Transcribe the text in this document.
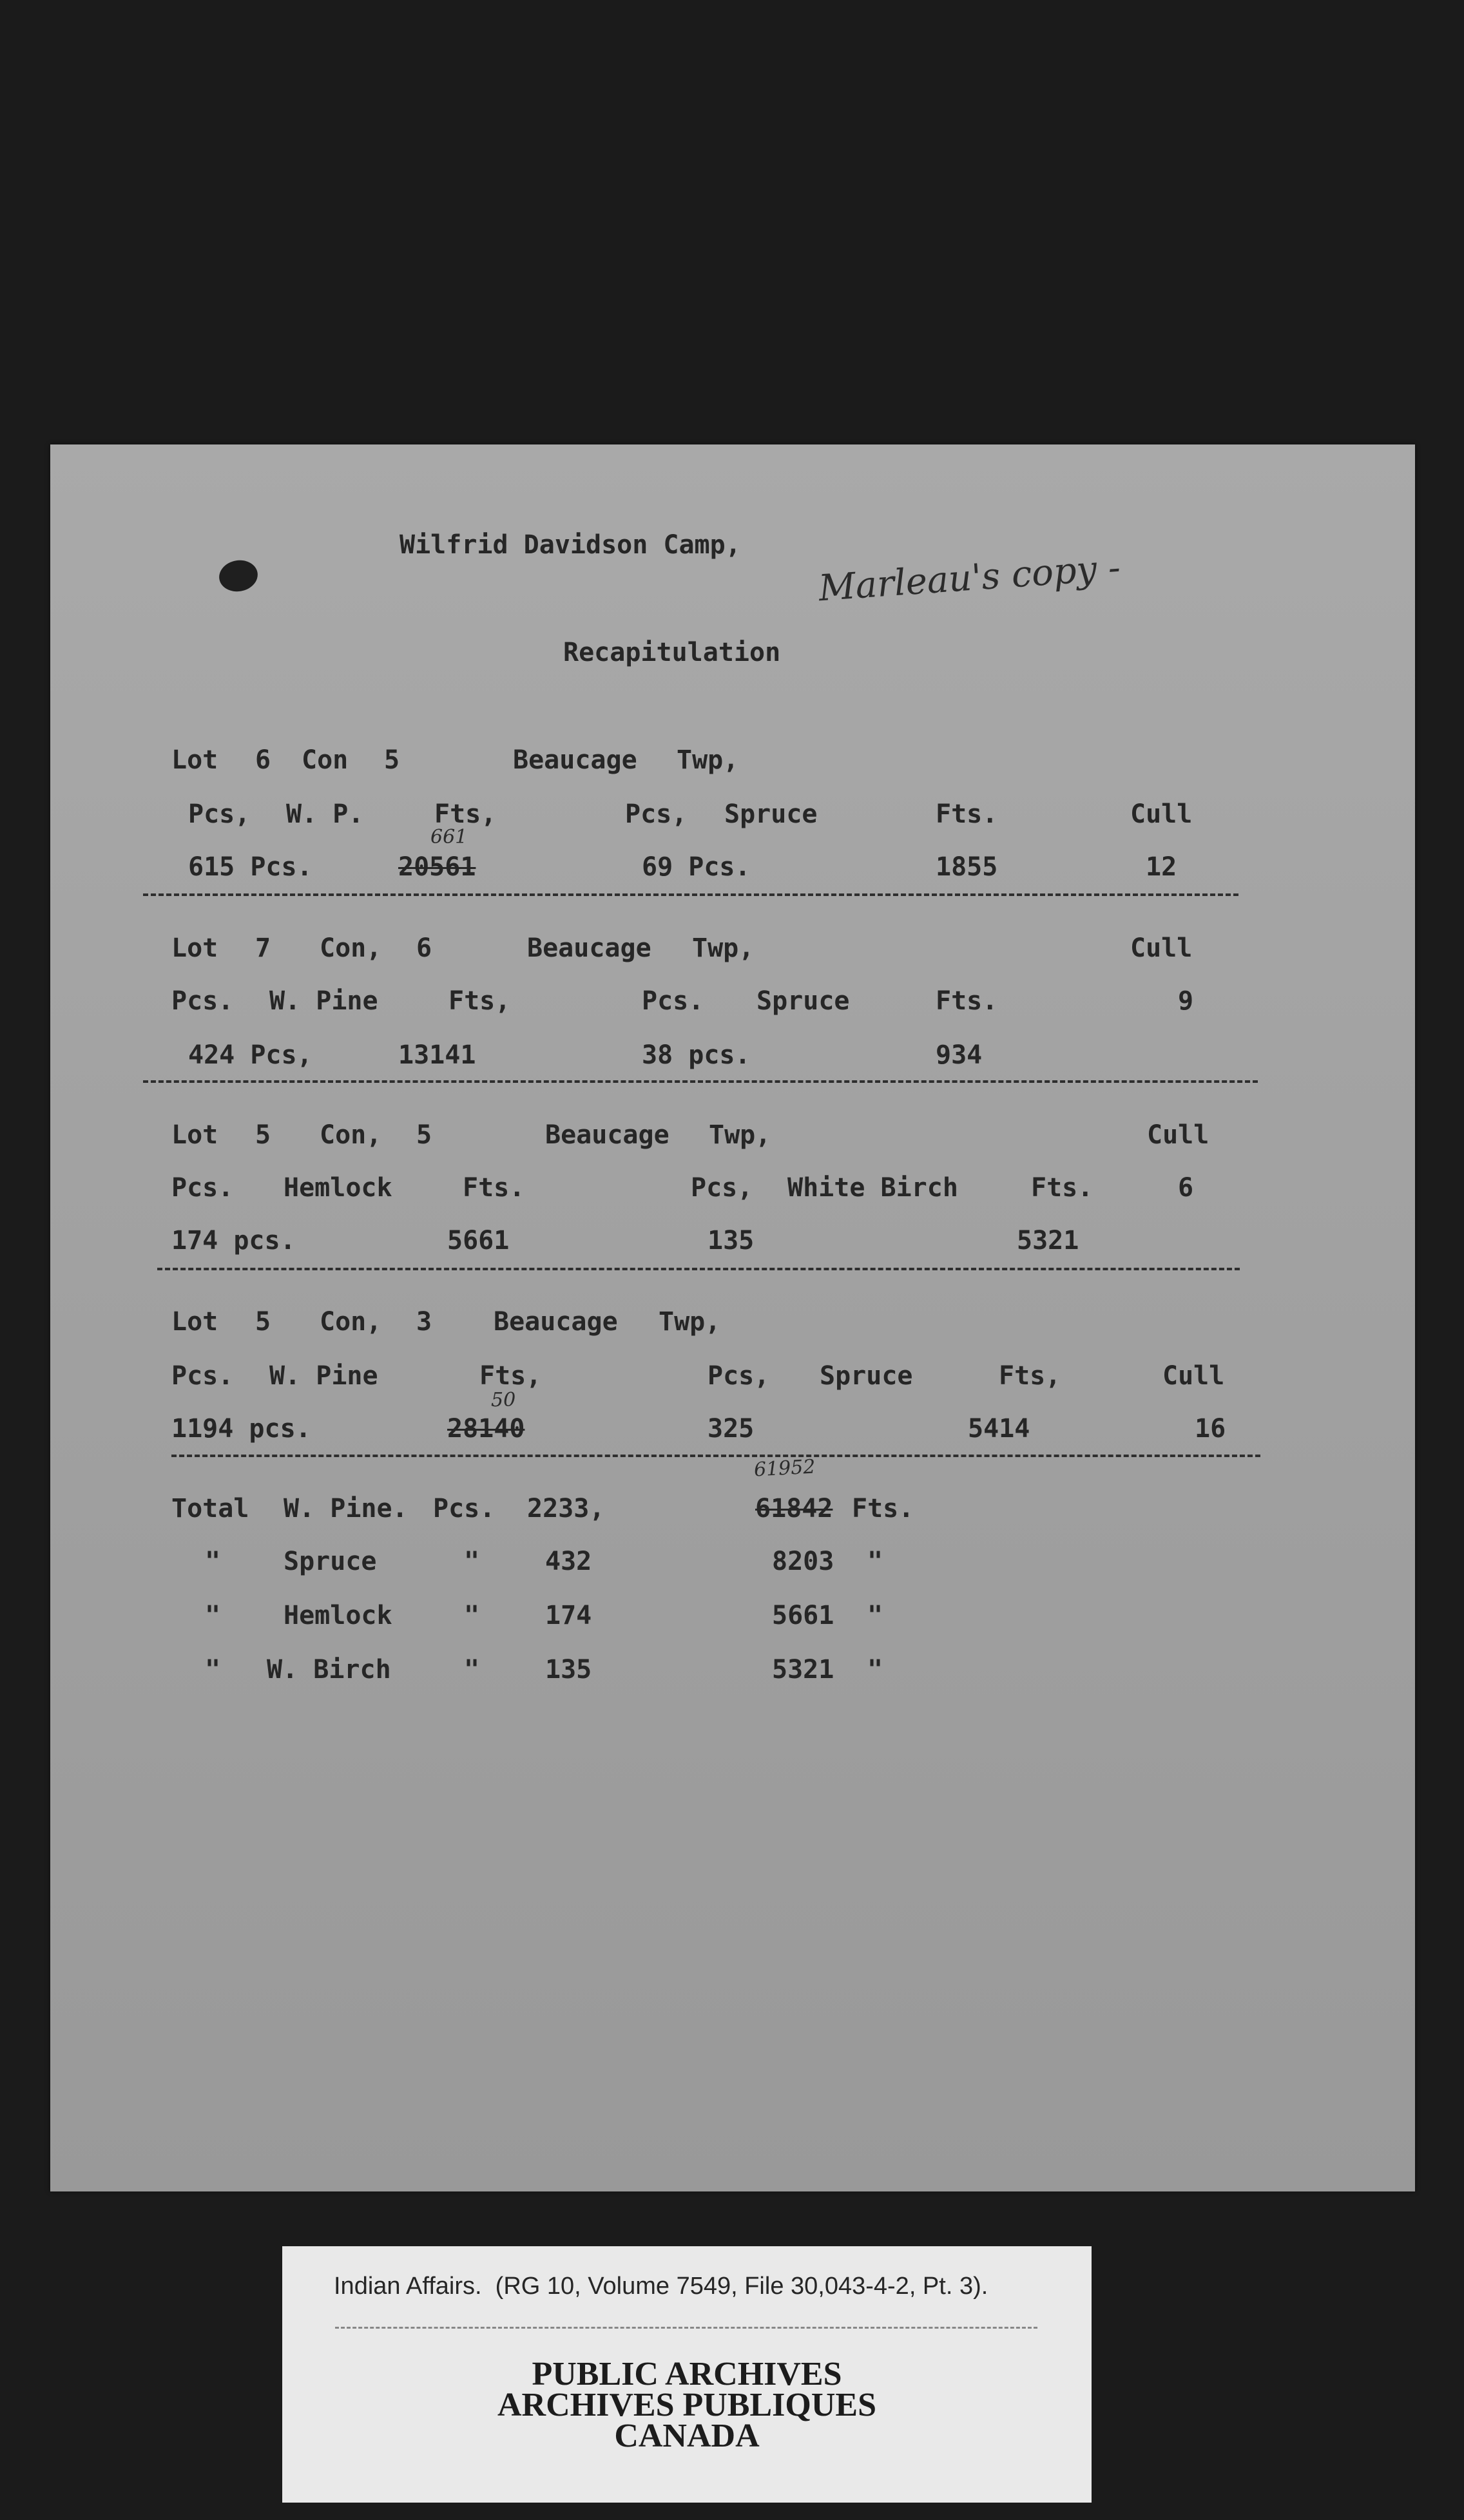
Wilfrid Davidson Camp,
Marleau's copy -
Recapitulation
Lot 6 Con 5	Beaucage Twp,
Pcs, W. P.	Fts,	Pcs, Spruce	Fts.	Cull
661
615 Pcs.	20561	69 Pcs.	1855	12
Lot 7 Con, 6	Beaucage Twp,	Cull
Pcs. W. Pine	Fts,	Pcs. Spruce	Fts.	9
424 Pcs,	13141	38 pcs.	934
Lot 5 Con, 5	Beaucage Twp,	Cull
Pcs. Hemlock	Fts.	Pcs, White Birch	Fts.	6
174 pcs.	5661	135	5321
Lot 5 Con, 3 Beaucage Twp,
Pcs. W. Pine	Fts,	Pcs, Spruce	Fts,	Cull
50
1194 pcs.	28140	325	5414	16
61952
Total W. Pine. Pcs. 2233,	61842 Fts.
" Spruce	"	432	8203 "
" Hemlock	"	174	5661 "
" W. Birch	"	135	5321 "
Indian Affairs.  (RG 10, Volume 7549, File 30,043-4-2, Pt. 3).
PUBLIC ARCHIVES
ARCHIVES PUBLIQUES
CANADA
